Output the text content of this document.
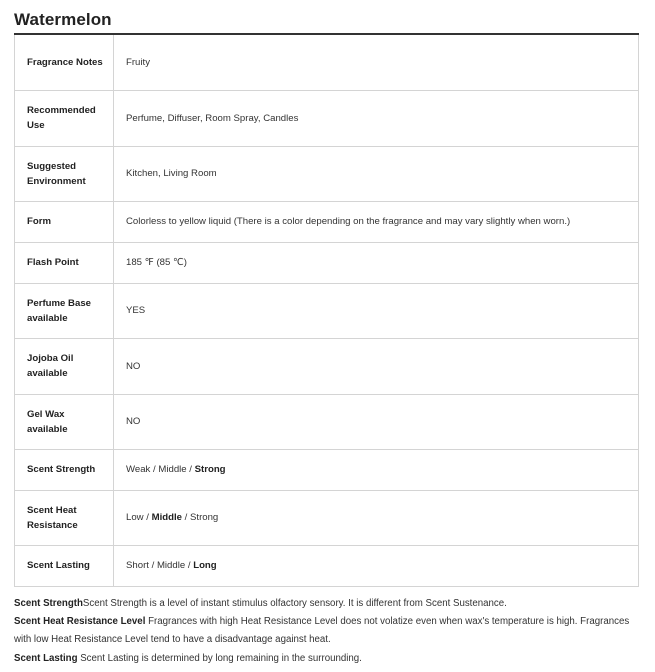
Watermelon
Fragrance Notes	Fruity
Recommended Use	Perfume, Diffuser, Room Spray, Candles
Suggested Environment	Kitchen, Living Room
Form	Colorless to yellow liquid (There is a color depending on the fragrance and may vary slightly when worn.)
Flash Point	185 ℉ (85 ℃)
Perfume Base available	YES
Jojoba Oil available	NO
Gel Wax available	NO
Scent Strength	Weak / Middle / Strong
Scent Heat Resistance	Low / Middle / Strong
Scent Lasting	Short / Middle / Long
Scent StrengthScent Strength is a level of instant stimulus olfactory sensory. It is different from Scent Sustenance.
Scent Heat Resistance Level Fragrances with high Heat Resistance Level does not volatize even when wax's temperature is high. Fragrances with low Heat Resistance Level tend to have a disadvantage against heat.
Scent Lasting Scent Lasting is determined by long remaining in the surrounding.
